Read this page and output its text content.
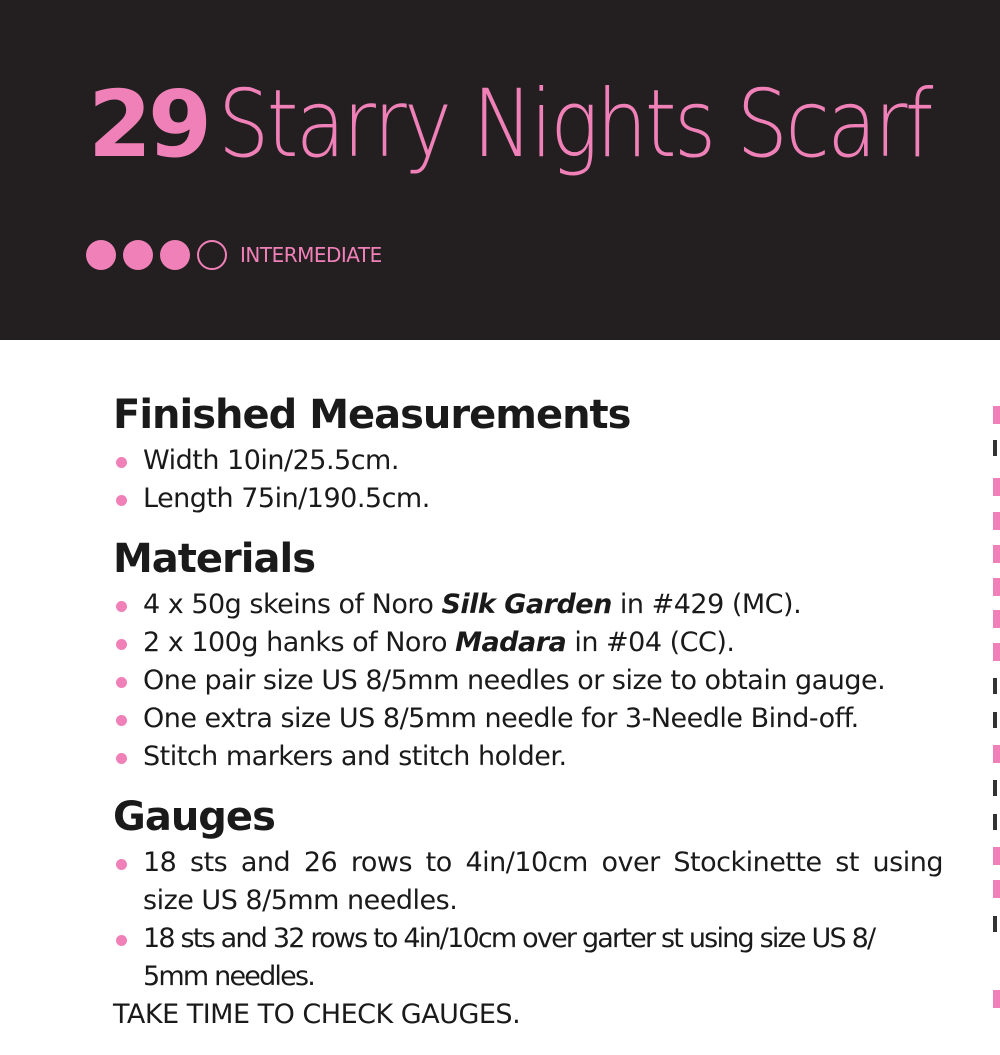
29 Starry Nights Scarf
INTERMEDIATE
Finished Measurements
Width 10in/25.5cm.
Length 75in/190.5cm.
Materials
4 x 50g skeins of Noro Silk Garden in #429 (MC).
2 x 100g hanks of Noro Madara in #04 (CC).
One pair size US 8/5mm needles or size to obtain gauge.
One extra size US 8/5mm needle for 3-Needle Bind-off.
Stitch markers and stitch holder.
Gauges
18 sts and 26 rows to 4in/10cm over Stockinette st using size US 8/5mm needles.
18 sts and 32 rows to 4in/10cm over garter st using size US 8/ 5mm needles.
TAKE TIME TO CHECK GAUGES.
